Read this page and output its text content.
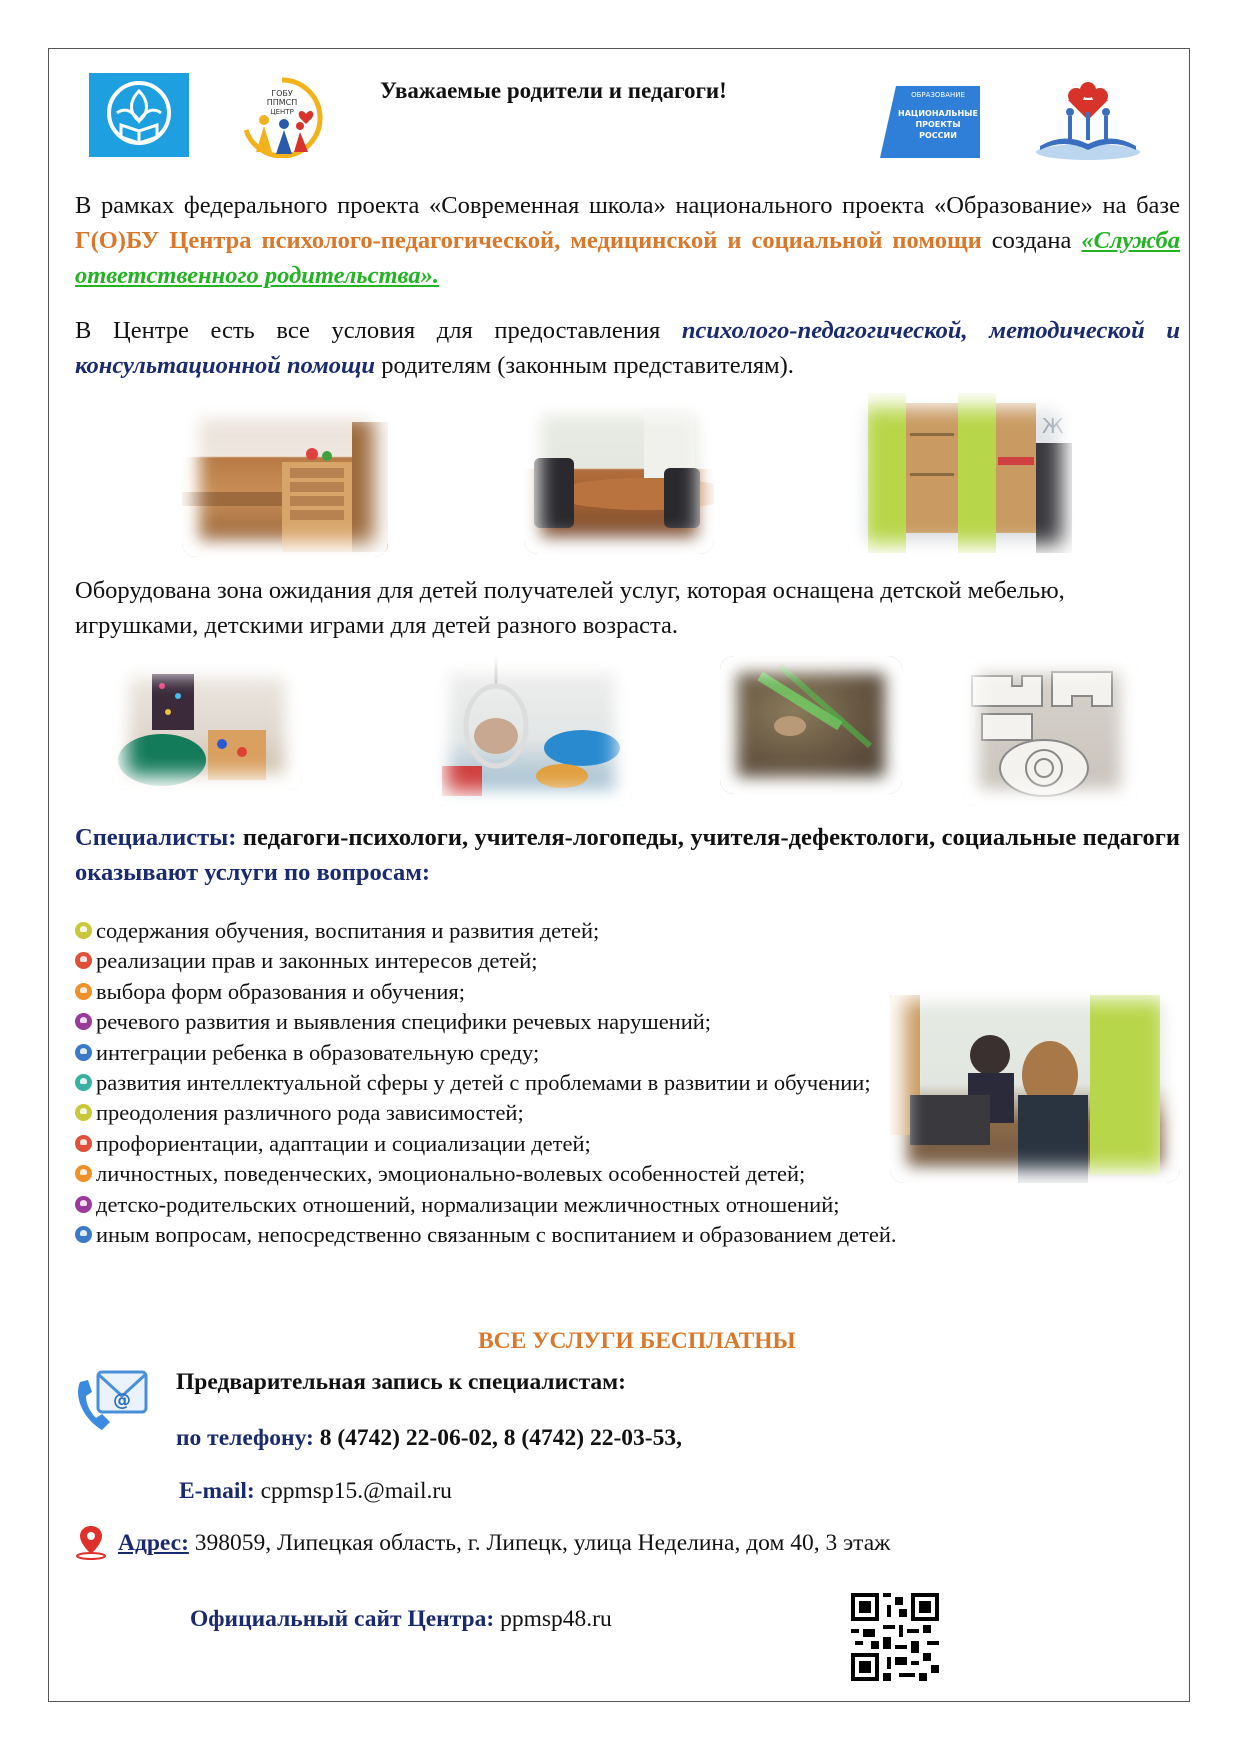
ГОБУ
ППМСП
ЦЕНТР
Уважаемые родители и педагоги!	ОБРАЗОВАНИЕ
НАЦИОНАЛЬНЫЕ
ПРОЕКТЫ
РОССИИ
В рамках федерального проекта «Современная школа» национального проекта «Образование» на базе Г(О)БУ Центра психолого-педагогической, медицинской и социальной помощи создана «Служба ответственного родительства».
В Центре есть все условия для предоставления психолого-педагогической, методической и консультационной помощи родителям (законным представителям).
Ж
Оборудована зона ожидания для детей получателей услуг, которая оснащена детской мебелью, игрушками, детскими играми для детей разного возраста.
Специалисты: педагоги-психологи, учителя-логопеды, учителя-дефектологи, социальные педагоги оказывают услуги по вопросам:
содержания обучения, воспитания и развития детей;
реализации прав и законных интересов детей;
выбора форм образования и обучения;
речевого развития и выявления специфики речевых нарушений;
интеграции ребенка в образовательную среду;
развития интеллектуальной сферы у детей с проблемами в развитии и обучении;
преодоления различного рода зависимостей;
профориентации, адаптации и социализации детей;
личностных, поведенческих, эмоционально-волевых особенностей детей;
детско-родительских отношений, нормализации межличностных отношений;
иным вопросам, непосредственно связанным с воспитанием и образованием детей.
ВСЕ УСЛУГИ БЕСПЛАТНЫ
@
Предварительная запись к специалистам:
по телефону: 8 (4742) 22-06-02, 8 (4742) 22-03-53,
E-mail: cppmsp15.@mail.ru
Адрес: 398059, Липецкая область, г. Липецк, улица Неделина, дом 40, 3 этаж
Официальный сайт Центра: ppmsp48.ru
